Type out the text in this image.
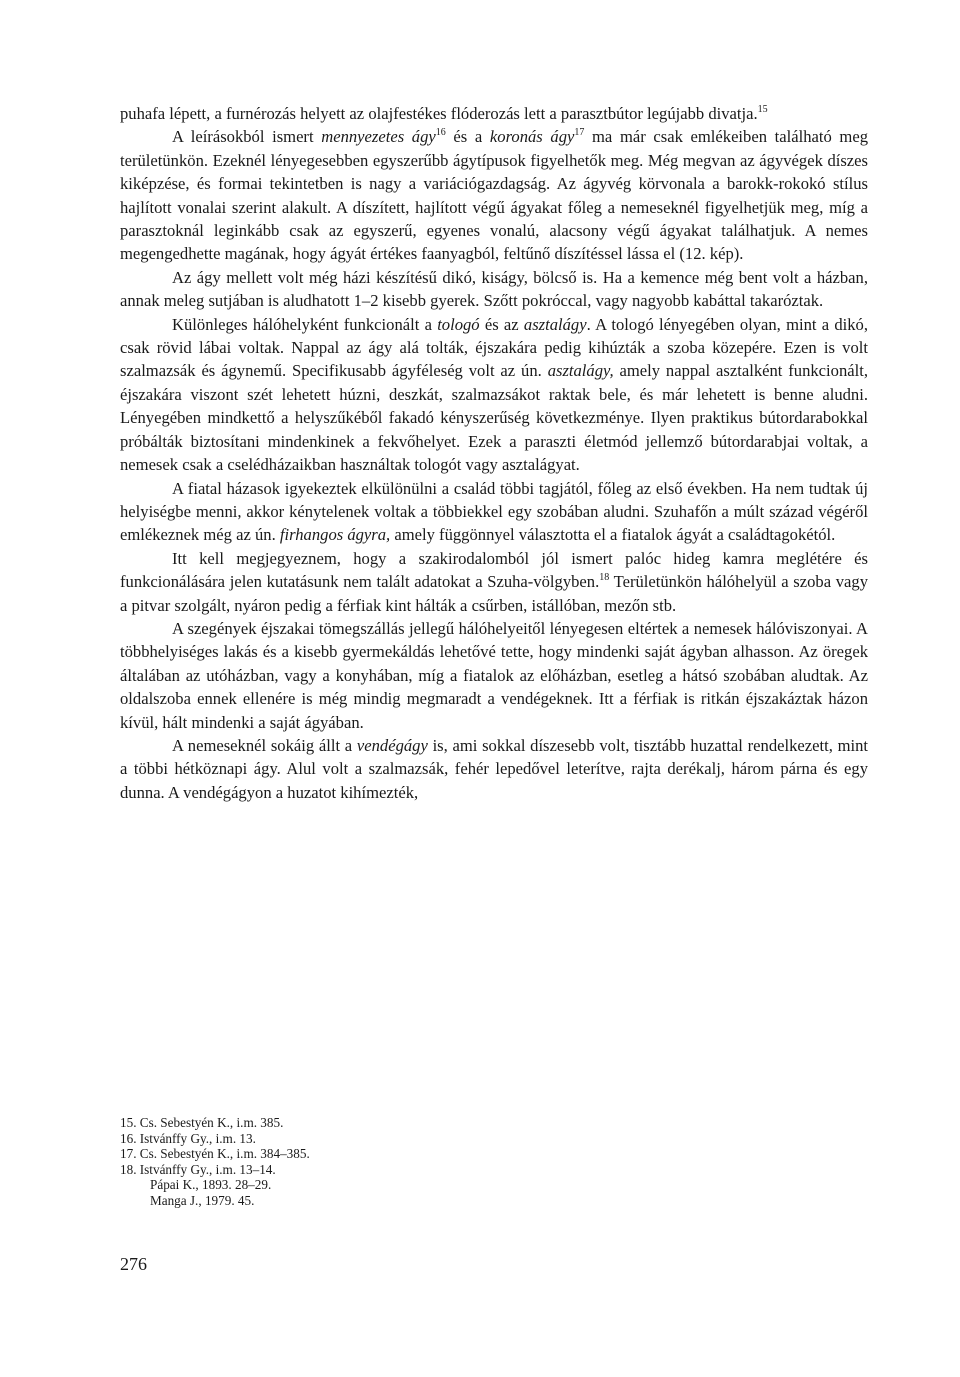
puhafa lépett, a furnérozás helyett az olajfestékes flóderozás lett a parasztbútor legújabb divatja.$^{15}$

A leírásokból ismert mennyezetes ágy$^{16}$ és a koronás ágy$^{17}$ ma már csak emlékeiben található meg területünkön. Ezeknél lényegesebben egyszerűbb ágytípusok figyelhetők meg. Még megvan az ágyvégek díszes kiképzése, és formai tekintetben is nagy a variációgazdagság. Az ágyvég körvonala a barokk-rokokó stílus hajlított vonalai szerint alakult. A díszített, hajlított végű ágyakat főleg a nemeseknél figyelhetjük meg, míg a parasztoknál leginkább csak az egyszerű, egyenes vonalú, alacsony végű ágyakat találhatjuk. A nemes megengedhette magának, hogy ágyát értékes faanyagból, feltűnő díszítéssel lássa el (12. kép).

Az ágy mellett volt még házi készítésű dikó, kiságy, bölcső is. Ha a kemence még bent volt a házban, annak meleg sutjában is aludhatott 1–2 kisebb gyerek. Szőtt pokróccal, vagy nagyobb kabáttal takaróztak.

Különleges hálóhelyként funkcionált a tologó és az asztalágy. A tologó lényegében olyan, mint a dikó, csak rövid lábai voltak. Nappal az ágy alá tolták, éjszakára pedig kihúzták a szoba közepére. Ezen is volt szalmazsák és ágynemű. Specifikusabb ágyféleség volt az ún. asztalágy, amely nappal asztalként funkcionált, éjszakára viszont szét lehetett húzni, deszkát, szalmazsákot raktak bele, és már lehetett is benne aludni. Lényegében mindkettő a helyszűkéből fakadó kényszerűség következménye. Ilyen praktikus bútordarabokkal próbálták biztosítani mindenkinek a fekvőhelyet. Ezek a paraszti életmód jellemző bútordarabjai voltak, a nemesek csak a cselédházaikban használtak tologót vagy asztalágyat.

A fiatal házasok igyekeztek elkülönülni a család többi tagjától, főleg az első években. Ha nem tudtak új helyiségbe menni, akkor kénytelenek voltak a többiekkel egy szobában aludni. Szuhafőn a múlt század végéről emlékeznek még az ún. firhangos ágyra, amely függönnyel választotta el a fiatalok ágyát a családtagokétól.

Itt kell megjegyeznem, hogy a szakirodalomból jól ismert palóc hideg kamra meglétére és funkcionálására jelen kutatásunk nem talált adatokat a Szuha-völgyben.$^{18}$ Területünkön hálóhelyül a szoba vagy a pitvar szolgált, nyáron pedig a férfiak kint hálták a csűrben, istállóban, mezőn stb.

A szegények éjszakai tömegszállás jellegű hálóhelyeitől lényegesen eltértek a nemesek hálóviszonyai. A többhelyiséges lakás és a kisebb gyermekáldás lehetővé tette, hogy mindenki saját ágyban alhasson. Az öregek általában az utóházban, vagy a konyhában, míg a fiatalok az előházban, esetleg a hátsó szobában aludtak. Az oldalszoba ennek ellenére is még mindig megmaradt a vendégeknek. Itt a férfiak is ritkán éjszakáztak házon kívül, hált mindenki a saját ágyában.

A nemeseknél sokáig állt a vendégágy is, ami sokkal díszesebb volt, tisztább huzattal rendelkezett, mint a többi hétköznapi ágy. Alul volt a szalmazsák, fehér lepedővel leterítve, rajta derékalj, három párna és egy dunna. A vendégágyon a huzatot kihímezték,

15. Cs. Sebestyén K., i.m. 385.

16. Istvánffy Gy., i.m. 13.

17. Cs. Sebestyén K., i.m. 384–385.

18. Istvánffy Gy., i.m. 13–14.

Pápai K., 1893. 28–29.

Manga J., 1979. 45.

276
